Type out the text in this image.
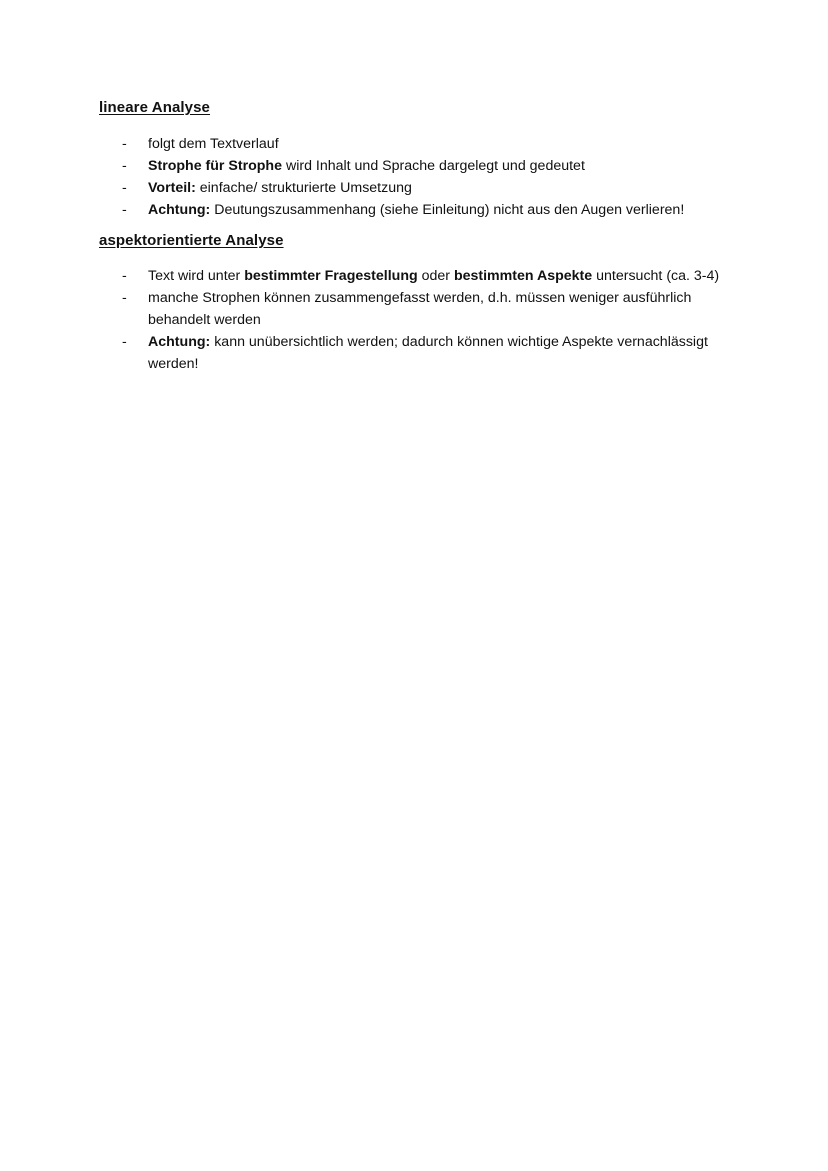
lineare Analyse
- folgt dem Textverlauf
- Strophe für Strophe wird Inhalt und Sprache dargelegt und gedeutet
- Vorteil: einfache/ strukturierte Umsetzung
- Achtung: Deutungszusammenhang (siehe Einleitung) nicht aus den Augen verlieren!
aspektorientierte Analyse
- Text wird unter bestimmter Fragestellung oder bestimmten Aspekte untersucht (ca. 3-4)
- manche Strophen können zusammengefasst werden, d.h. müssen weniger ausführlich behandelt werden
- Achtung: kann unübersichtlich werden; dadurch können wichtige Aspekte vernachlässigt werden!
